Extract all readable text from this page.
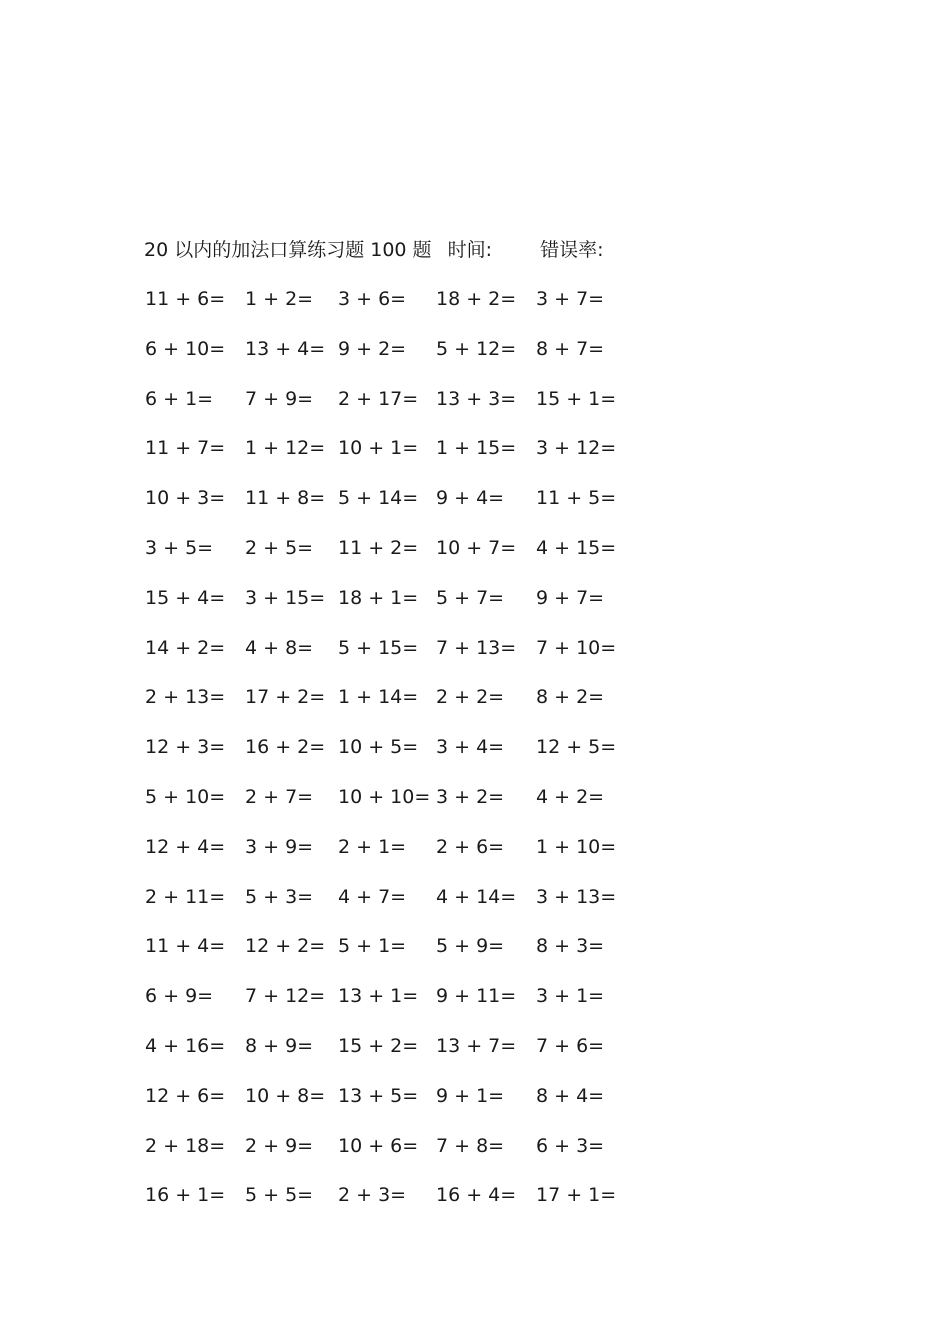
20 以内的加法口算练习题 100 题 时间:	错误率:
11 + 6= 1 + 2= 3 + 6= 18 + 2= 3 + 7=
6 + 10= 13 + 4= 9 + 2= 5 + 12= 8 + 7=
6 + 1= 7 + 9= 2 + 17= 13 + 3= 15 + 1=
11 + 7= 1 + 12= 10 + 1= 1 + 15= 3 + 12=
10 + 3= 11 + 8= 5 + 14= 9 + 4= 11 + 5=
3 + 5= 2 + 5= 11 + 2= 10 + 7= 4 + 15=
15 + 4= 3 + 15= 18 + 1= 5 + 7= 9 + 7=
14 + 2= 4 + 8= 5 + 15= 7 + 13= 7 + 10=
2 + 13= 17 + 2= 1 + 14= 2 + 2= 8 + 2=
12 + 3= 16 + 2= 10 + 5= 3 + 4= 12 + 5=
5 + 10= 2 + 7= 10 + 10= 3 + 2= 4 + 2=
12 + 4= 3 + 9= 2 + 1= 2 + 6= 1 + 10=
2 + 11= 5 + 3= 4 + 7= 4 + 14= 3 + 13=
11 + 4= 12 + 2= 5 + 1= 5 + 9= 8 + 3=
6 + 9= 7 + 12= 13 + 1= 9 + 11= 3 + 1=
4 + 16= 8 + 9= 15 + 2= 13 + 7= 7 + 6=
12 + 6= 10 + 8= 13 + 5= 9 + 1= 8 + 4=
2 + 18= 2 + 9= 10 + 6= 7 + 8= 6 + 3=
16 + 1= 5 + 5= 2 + 3= 16 + 4= 17 + 1=
